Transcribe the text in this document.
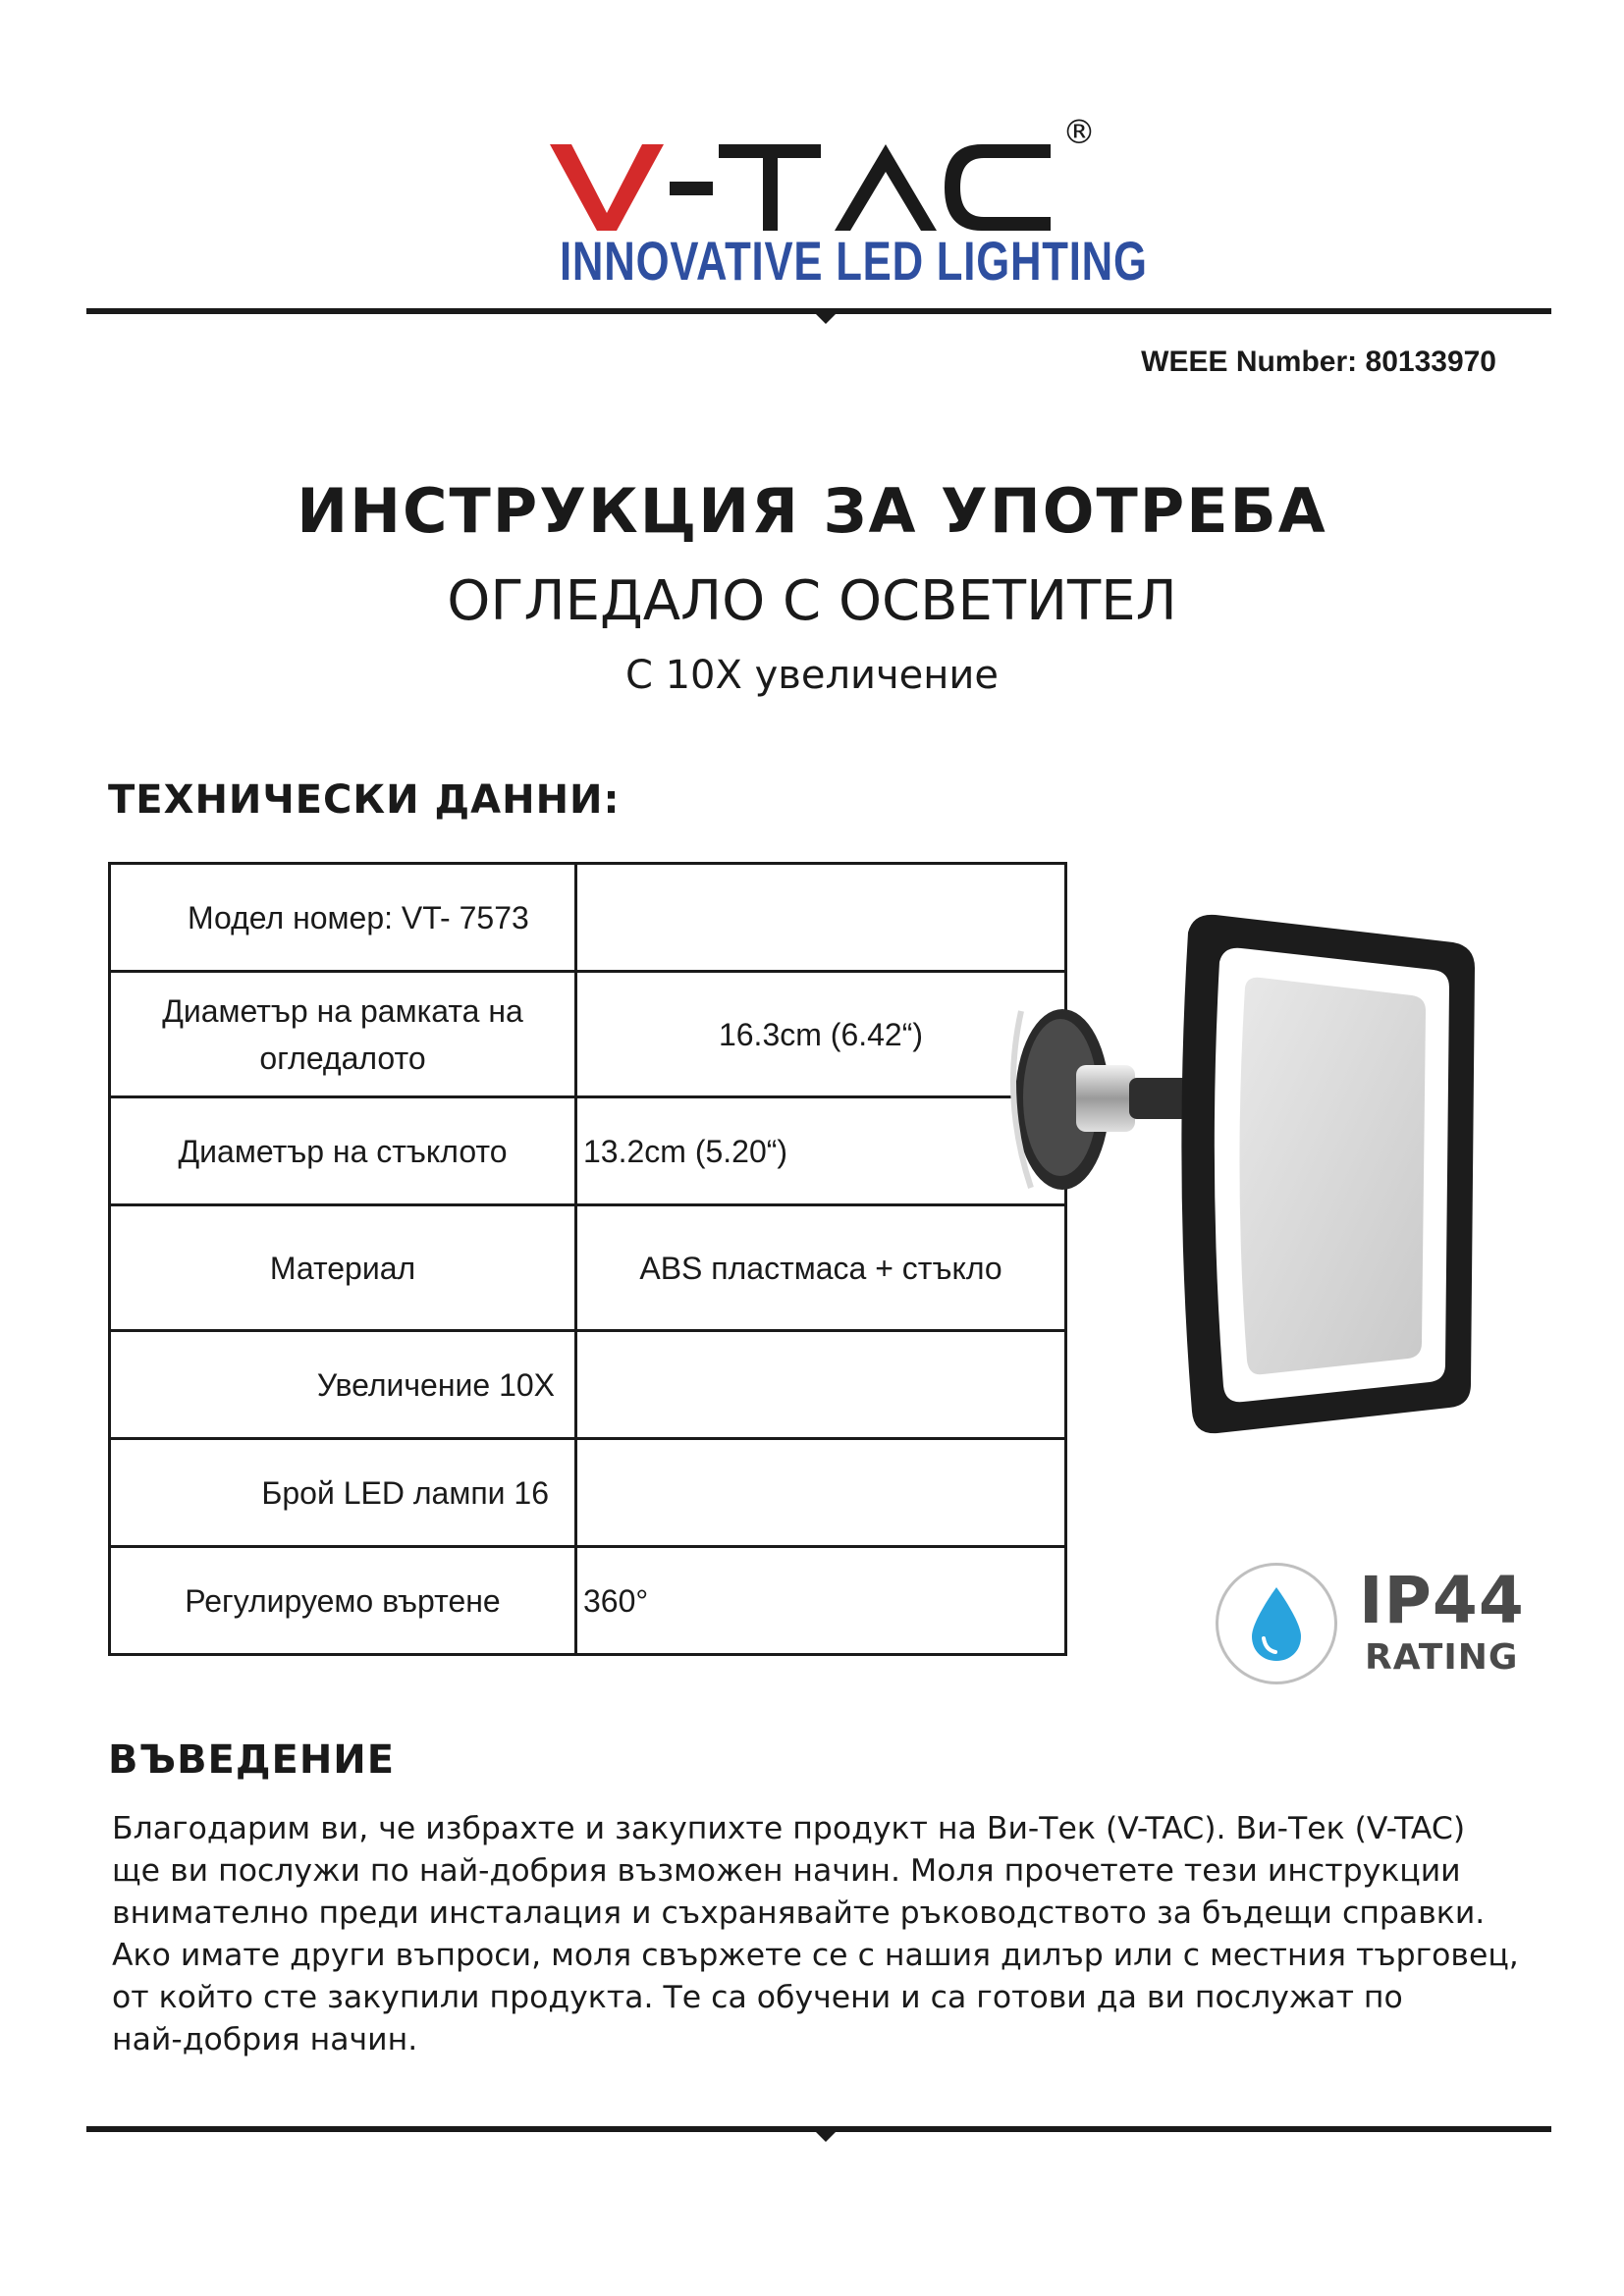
®
INNOVATIVE LED LIGHTING
WEEE Number: 80133970
ИНСТРУКЦИЯ ЗА УПОТРЕБА
ОГЛЕДАЛО С ОСВЕТИТЕЛ
С 10X увеличение
ТЕХНИЧЕСКИ ДАННИ:
Модел номер: VT- 7573	
Диаметър на рамката на огледалото	16.3cm (6.42“)
Диаметър на стъклото	13.2cm (5.20“)
Материал	ABS пластмаса + стъкло
Увеличение 10X	
Брой LED лампи 16	
Регулируемо въртене	360°	IP44
RATING
ВЪВЕДЕНИЕ

Благодарим ви, че избрахте и закупихте продукт на Ви-Тек (V-TAC). Ви-Тек (V-TAC)

ще ви послужи по най-добрия възможен начин. Моля прочетете тези инструкции

внимателно преди инсталация и съхранявайте ръководството за бъдещи справки.

Ако имате други въпроси, моля свържете се с нашия дилър или с местния търговец,

от който сте закупили продукта. Те са обучени и са готови да ви послужат по

най-добрия начин.
